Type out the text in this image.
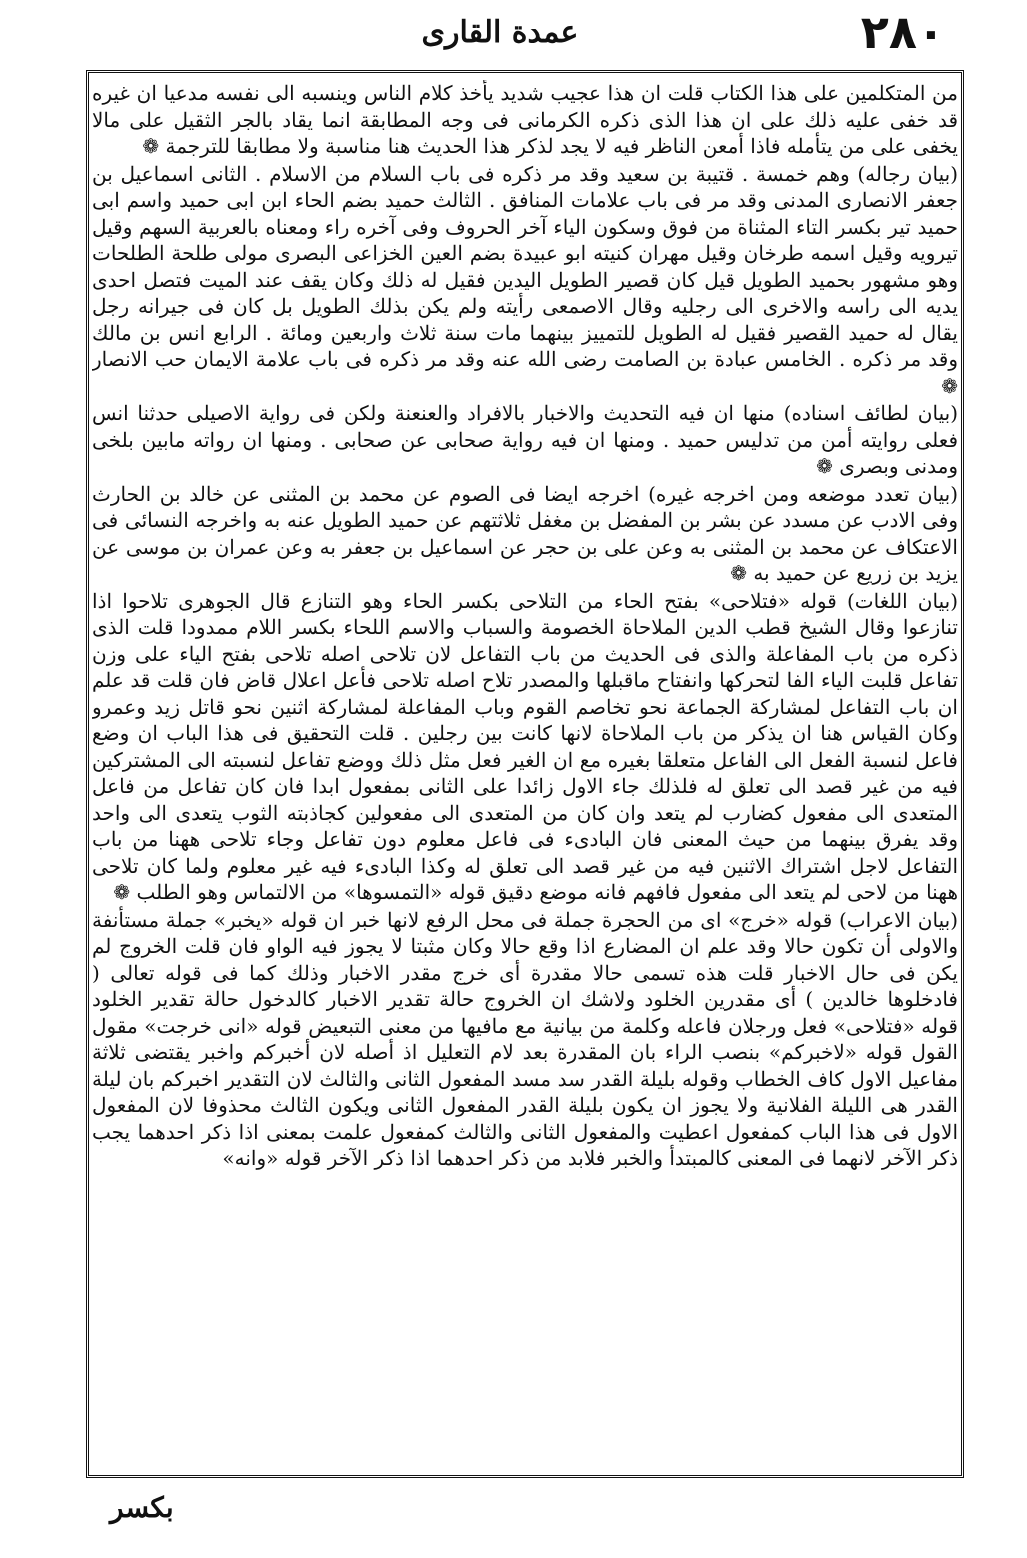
عمدة القارى	٢٨٠

من المتكلمين على هذا الكتاب قلت ان هذا عجيب شديد يأخذ كلام الناس وينسبه الى نفسه مدعيا ان غيره قد خفى عليه ذلك على ان هذا الذى ذكره الكرمانى فى وجه المطابقة انما يقاد بالجر الثقيل على مالا يخفى على من يتأمله فاذا أمعن الناظر فيه لا يجد لذكر هذا الحديث هنا مناسبة ولا مطابقا للترجمة ❁

(بيان رجاله) وهم خمسة . قتيبة بن سعيد وقد مر ذكره فى باب السلام من الاسلام . الثانى اسماعيل بن جعفر الانصارى المدنى وقد مر فى باب علامات المنافق . الثالث حميد بضم الحاء ابن ابى حميد واسم ابى حميد تير بكسر التاء المثناة من فوق وسكون الياء آخر الحروف وفى آخره راء ومعناه بالعربية السهم وقيل تيرويه وقيل اسمه طرخان وقيل مهران كنيته ابو عبيدة بضم العين الخزاعى البصرى مولى طلحة الطلحات وهو مشهور بحميد الطويل قيل كان قصير الطويل اليدين فقيل له ذلك وكان يقف عند الميت فتصل احدى يديه الى راسه والاخرى الى رجليه وقال الاصمعى رأيته ولم يكن بذلك الطويل بل كان فى جيرانه رجل يقال له حميد القصير فقيل له الطويل للتمييز بينهما مات سنة ثلاث واربعين ومائة . الرابع انس بن مالك وقد مر ذكره . الخامس عبادة بن الصامت رضى الله عنه وقد مر ذكره فى باب علامة الايمان حب الانصار ❁

(بيان لطائف اسناده) منها ان فيه التحديث والاخبار بالافراد والعنعنة ولكن فى رواية الاصيلى حدثنا انس فعلى روايته أمن من تدليس حميد . ومنها ان فيه رواية صحابى عن صحابى . ومنها ان رواته مابين بلخى ومدنى وبصرى ❁

(بيان تعدد موضعه ومن اخرجه غيره) اخرجه ايضا فى الصوم عن محمد بن المثنى عن خالد بن الحارث وفى الادب عن مسدد عن بشر بن المفضل بن مغفل ثلاثتهم عن حميد الطويل عنه به واخرجه النسائى فى الاعتكاف عن محمد بن المثنى به وعن على بن حجر عن اسماعيل بن جعفر به وعن عمران بن موسى عن يزيد بن زريع عن حميد به ❁

(بيان اللغات) قوله «فتلاحى» بفتح الحاء من التلاحى بكسر الحاء وهو التنازع قال الجوهرى تلاحوا اذا تنازعوا وقال الشيخ قطب الدين الملاحاة الخصومة والسباب والاسم اللحاء بكسر اللام ممدودا قلت الذى ذكره من باب المفاعلة والذى فى الحديث من باب التفاعل لان تلاحى اصله تلاحى بفتح الياء على وزن تفاعل قلبت الياء الفا لتحركها وانفتاح ماقبلها والمصدر تلاح اصله تلاحى فأعل اعلال قاض فان قلت قد علم ان باب التفاعل لمشاركة الجماعة نحو تخاصم القوم وباب المفاعلة لمشاركة اثنين نحو قاتل زيد وعمرو وكان القياس هنا ان يذكر من باب الملاحاة لانها كانت بين رجلين . قلت التحقيق فى هذا الباب ان وضع فاعل لنسبة الفعل الى الفاعل متعلقا بغيره مع ان الغير فعل مثل ذلك ووضع تفاعل لنسبته الى المشتركين فيه من غير قصد الى تعلق له فلذلك جاء الاول زائدا على الثانى بمفعول ابدا فان كان تفاعل من فاعل المتعدى الى مفعول كضارب لم يتعد وان كان من المتعدى الى مفعولين كجاذبته الثوب يتعدى الى واحد وقد يفرق بينهما من حيث المعنى فان البادىء فى فاعل معلوم دون تفاعل وجاء تلاحى ههنا من باب التفاعل لاجل اشتراك الاثنين فيه من غير قصد الى تعلق له وكذا البادىء فيه غير معلوم ولما كان تلاحى ههنا من لاحى لم يتعد الى مفعول فافهم فانه موضع دقيق قوله «التمسوها» من الالتماس وهو الطلب ❁

(بيان الاعراب) قوله «خرج» اى من الحجرة جملة فى محل الرفع لانها خبر ان قوله «يخبر» جملة مستأنفة والاولى أن تكون حالا وقد علم ان المضارع اذا وقع حالا وكان مثبتا لا يجوز فيه الواو فان قلت الخروج لم يكن فى حال الاخبار قلت هذه تسمى حالا مقدرة أى خرج مقدر الاخبار وذلك كما فى قوله تعالى ( فادخلوها خالدين ) أى مقدرين الخلود ولاشك ان الخروج حالة تقدير الاخبار كالدخول حالة تقدير الخلود قوله «فتلاحى» فعل ورجلان فاعله وكلمة من بيانية مع مافيها من معنى التبعيض قوله «انى خرجت» مقول القول قوله «لاخبركم» بنصب الراء بان المقدرة بعد لام التعليل اذ أصله لان أخبركم واخبر يقتضى ثلاثة مفاعيل الاول كاف الخطاب وقوله بليلة القدر سد مسد المفعول الثانى والثالث لان التقدير اخبركم بان ليلة القدر هى الليلة الفلانية ولا يجوز ان يكون بليلة القدر المفعول الثانى ويكون الثالث محذوفا لان المفعول الاول فى هذا الباب كمفعول اعطيت والمفعول الثانى والثالث كمفعول علمت بمعنى اذا ذكر احدهما يجب ذكر الآخر لانهما فى المعنى كالمبتدأ والخبر فلابد من ذكر احدهما اذا ذكر الآخر قوله «وانه»

بكسر
